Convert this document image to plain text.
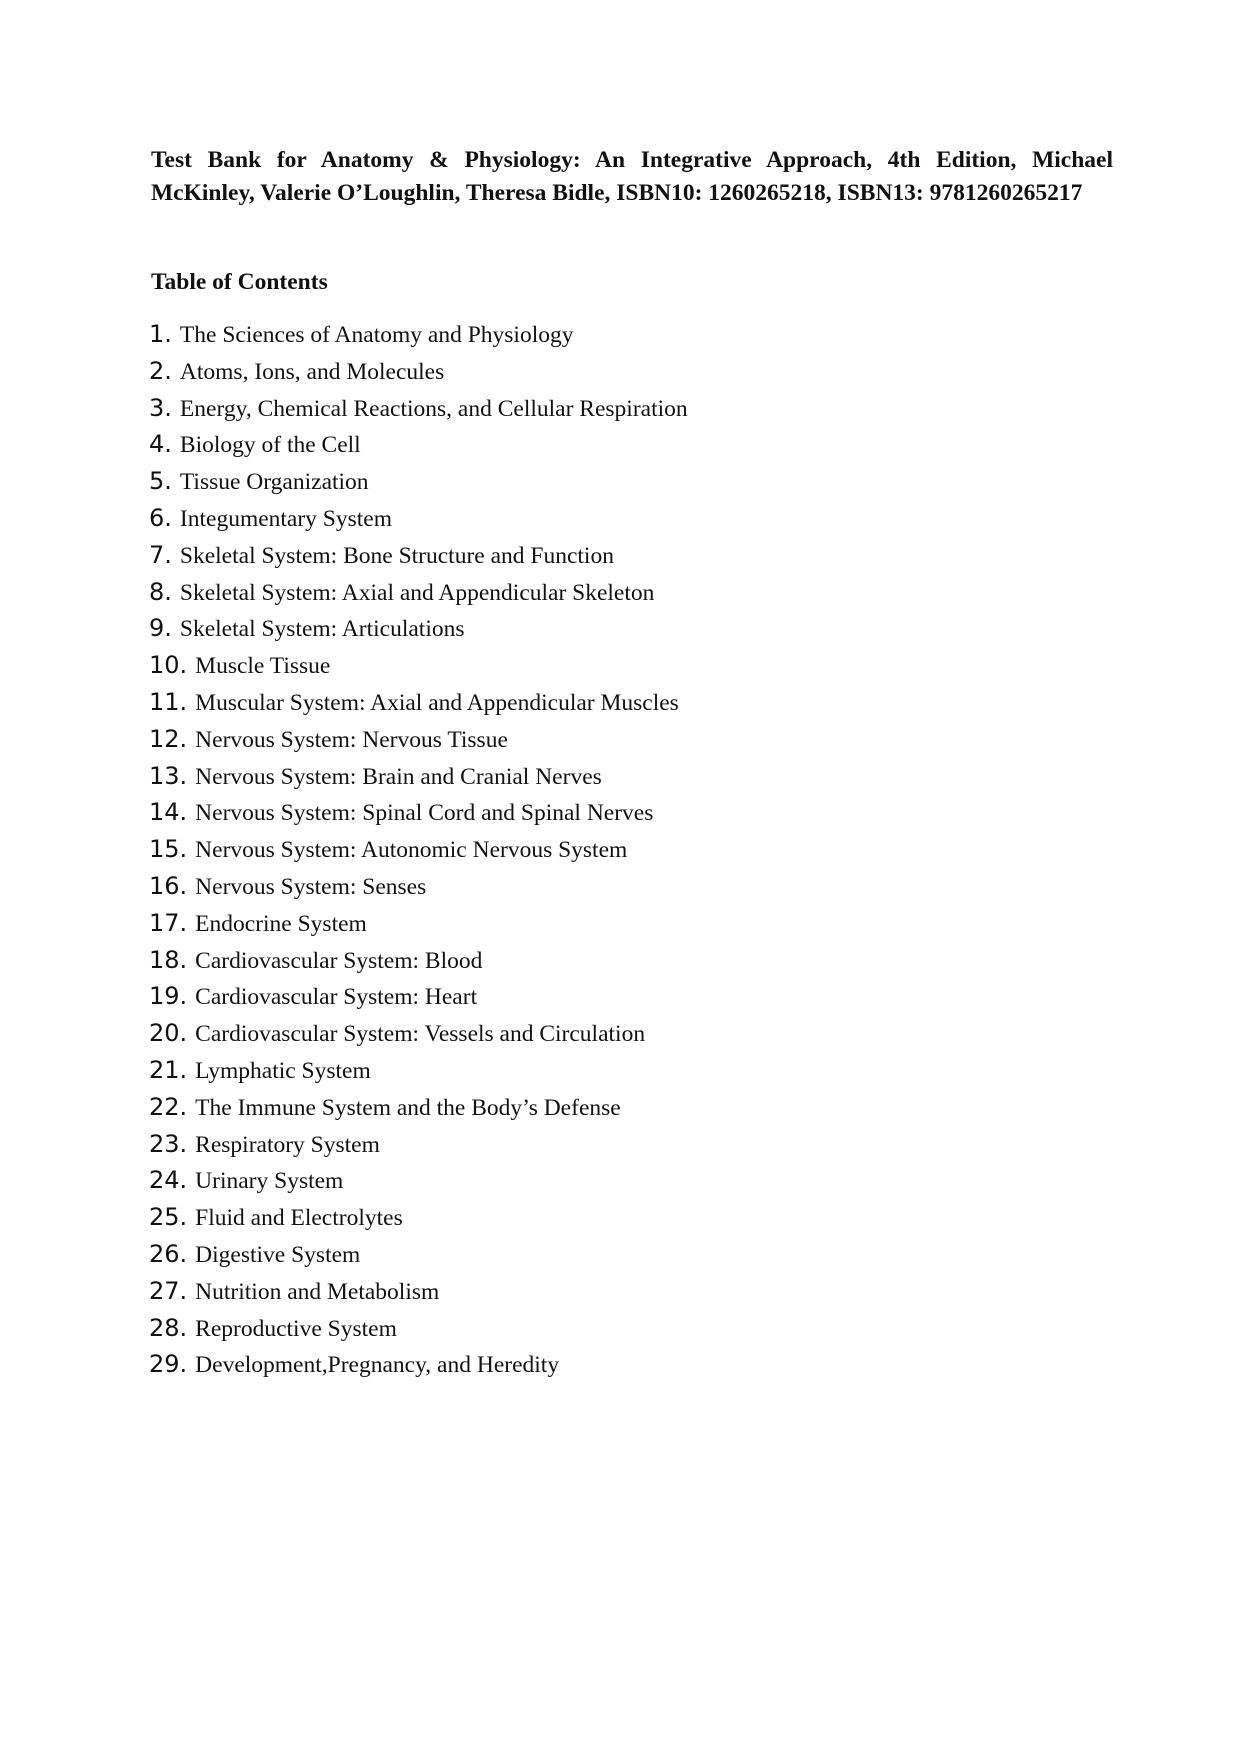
Test Bank for Anatomy & Physiology: An Integrative Approach, 4th Edition, Michael McKinley, Valerie O’Loughlin, Theresa Bidle, ISBN10: 1260265218, ISBN13: 9781260265217

Table of Contents

1. The Sciences of Anatomy and Physiology
2. Atoms, Ions, and Molecules
3. Energy, Chemical Reactions, and Cellular Respiration
4. Biology of the Cell
5. Tissue Organization
6. Integumentary System
7. Skeletal System: Bone Structure and Function
8. Skeletal System: Axial and Appendicular Skeleton
9. Skeletal System: Articulations
10. Muscle Tissue
11. Muscular System: Axial and Appendicular Muscles
12. Nervous System: Nervous Tissue
13. Nervous System: Brain and Cranial Nerves
14. Nervous System: Spinal Cord and Spinal Nerves
15. Nervous System: Autonomic Nervous System
16. Nervous System: Senses
17. Endocrine System
18. Cardiovascular System: Blood
19. Cardiovascular System: Heart
20. Cardiovascular System: Vessels and Circulation
21. Lymphatic System
22. The Immune System and the Body’s Defense
23. Respiratory System
24. Urinary System
25. Fluid and Electrolytes
26. Digestive System
27. Nutrition and Metabolism
28. Reproductive System
29. Development,Pregnancy, and Heredity
